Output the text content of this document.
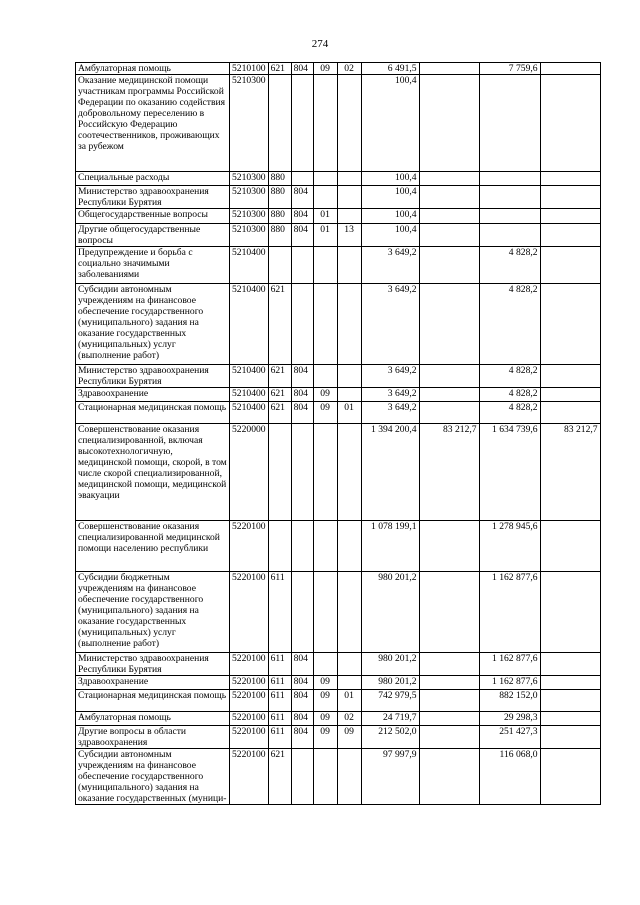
274
Амбулаторная помощь	5210100	621	804	09	02	6 491,5		7 759,6	
Оказание медицинской помощи участникам программы Российской Федерации по оказанию содействия добровольному переселению в Российскую Федерацию соотечественников, проживающих за рубежом	5210300					100,4			
Специальные расходы	5210300	880				100,4			
Министерство здравоохранения Республики Бурятия	5210300	880	804			100,4			
Общегосударственные вопросы	5210300	880	804	01		100,4			
Другие общегосударственные вопросы	5210300	880	804	01	13	100,4			
Предупреждение и борьба с социально значимыми заболеваниями	5210400					3 649,2		4 828,2	
Субсидии автономным учреждениям на финансовое обеспечение государственного (муниципального) задания на оказание государственных (муниципальных) услуг (выполнение работ)	5210400	621				3 649,2		4 828,2	
Министерство здравоохранения Республики Бурятия	5210400	621	804			3 649,2		4 828,2	
Здравоохранение	5210400	621	804	09		3 649,2		4 828,2	
Стационарная медицинская помощь	5210400	621	804	09	01	3 649,2		4 828,2	
Совершенствование оказания специализированной, включая высокотехнологичную, медицинской помощи, скорой, в том числе скорой специализированной, медицинской помощи, медицинской эвакуации	5220000					1 394 200,4	83 212,7	1 634 739,6	83 212,7
Совершенствование оказания специализированной медицинской помощи населению республики	5220100					1 078 199,1		1 278 945,6	
Субсидии бюджетным учреждениям на финансовое обеспечение государственного (муниципального) задания на оказание государственных (муниципальных) услуг (выполнение работ)	5220100	611				980 201,2		1 162 877,6	
Министерство здравоохранения Республики Бурятия	5220100	611	804			980 201,2		1 162 877,6	
Здравоохранение	5220100	611	804	09		980 201,2		1 162 877,6	
Стационарная медицинская помощь	5220100	611	804	09	01	742 979,5		882 152,0	
Амбулаторная помощь	5220100	611	804	09	02	24 719,7		29 298,3	
Другие вопросы в области здравоохранения	5220100	611	804	09	09	212 502,0		251 427,3	
Субсидии автономным учреждениям на финансовое обеспечение государственного (муниципального) задания на оказание государственных (муници-	5220100	621				97 997,9		116 068,0	
